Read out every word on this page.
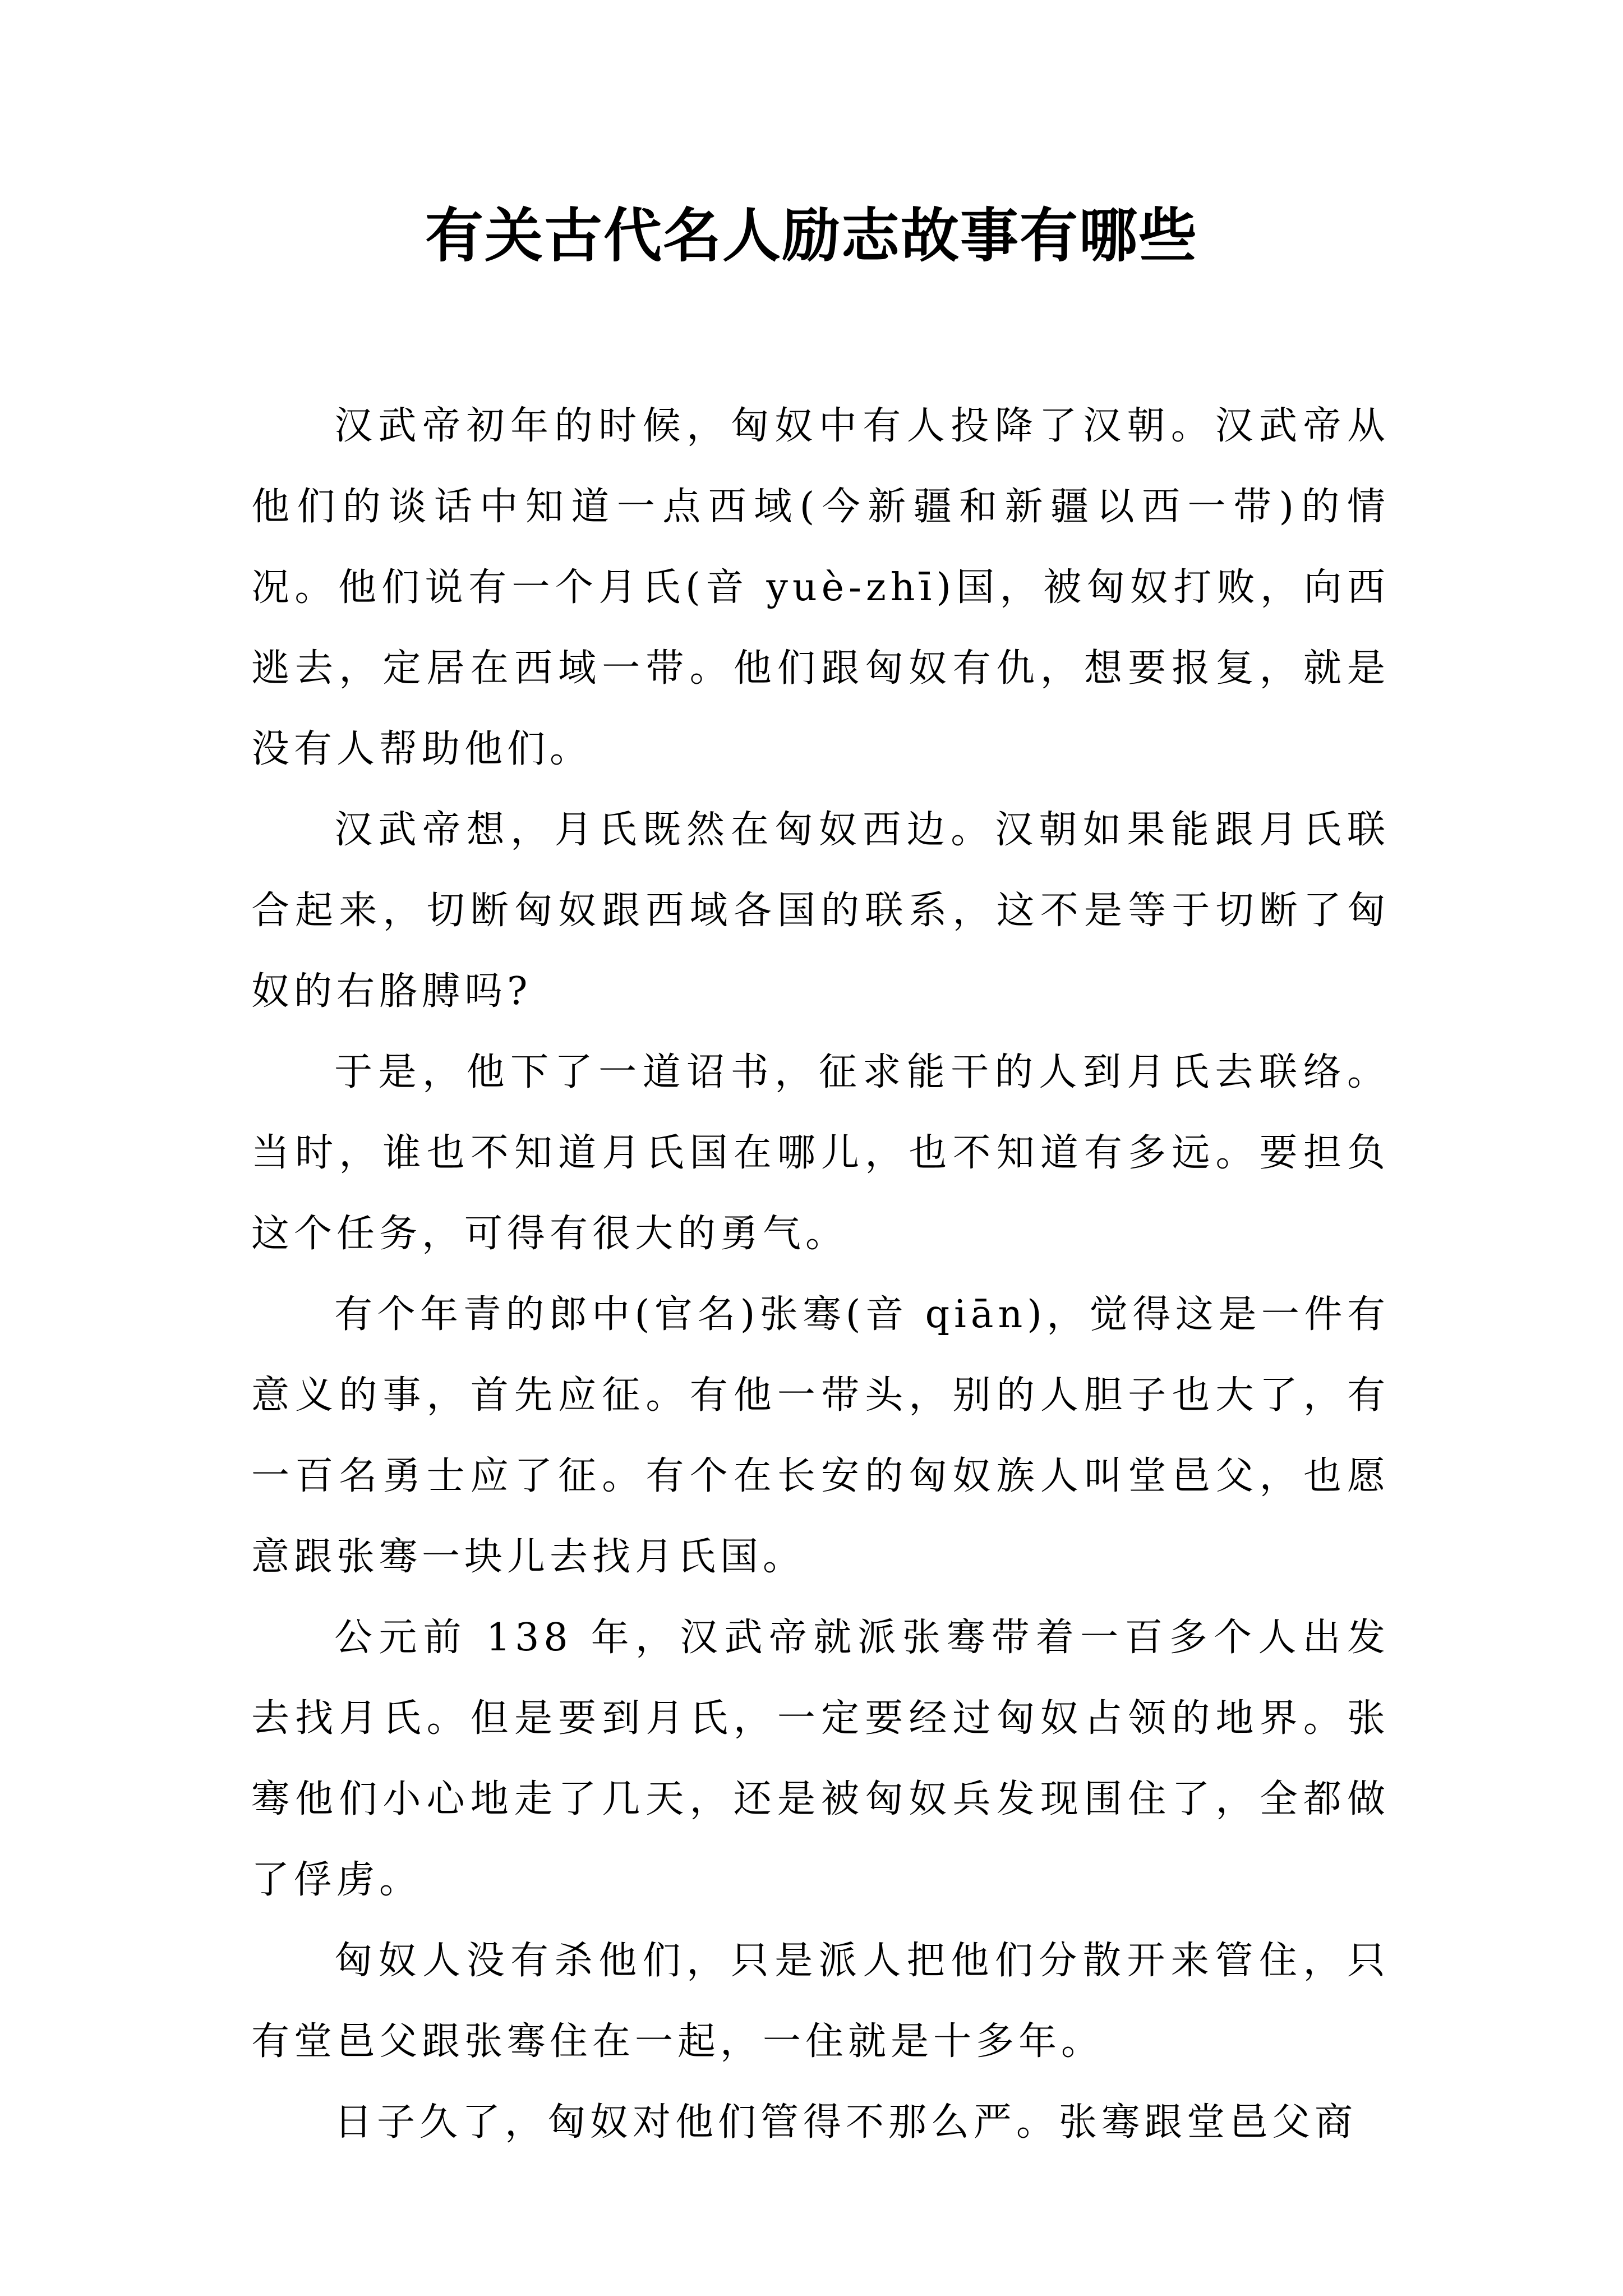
有关古代名人励志故事有哪些

汉武帝初年的时候，匈奴中有人投降了汉朝。汉武帝从他们的谈话中知道一点西域(今新疆和新疆以西一带)的情况。他们说有一个月氏(音 yuè-zhī)国，被匈奴打败，向西逃去，定居在西域一带。他们跟匈奴有仇，想要报复，就是没有人帮助他们。

汉武帝想，月氏既然在匈奴西边。汉朝如果能跟月氏联合起来，切断匈奴跟西域各国的联系，这不是等于切断了匈奴的右胳膊吗?

于是，他下了一道诏书，征求能干的人到月氏去联络。当时，谁也不知道月氏国在哪儿，也不知道有多远。要担负这个任务，可得有很大的勇气。

有个年青的郎中(官名)张骞(音 qiān)，觉得这是一件有意义的事，首先应征。有他一带头，别的人胆子也大了，有一百名勇士应了征。有个在长安的匈奴族人叫堂邑父，也愿意跟张骞一块儿去找月氏国。

公元前 138 年，汉武帝就派张骞带着一百多个人出发去找月氏。但是要到月氏，一定要经过匈奴占领的地界。张骞他们小心地走了几天，还是被匈奴兵发现围住了，全都做了俘虏。

匈奴人没有杀他们，只是派人把他们分散开来管住，只有堂邑父跟张骞住在一起，一住就是十多年。

日子久了，匈奴对他们管得不那么严。张骞跟堂邑父商
